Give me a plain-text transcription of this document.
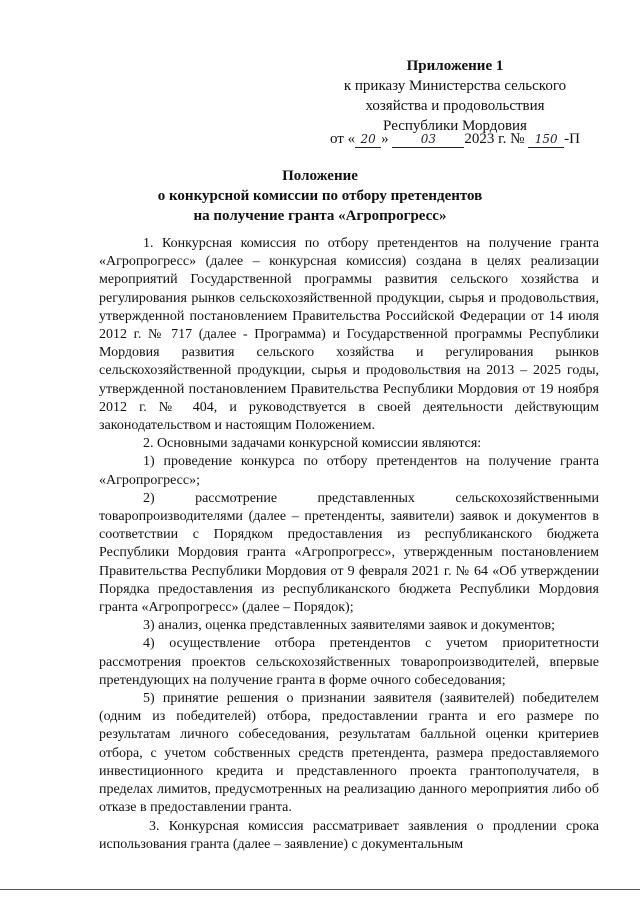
Приложение 1
к приказу Министерства сельского
хозяйства и продовольствия
Республики Мордовия
от « 20 »	03 2023 г. № 150 -П
Положение
о конкурсной комиссии по отбору претендентов
на получение гранта «Агропрогресс»

1. Конкурсная комиссия по отбору претендентов на получение гранта «Агропрогресс» (далее – конкурсная комиссия) создана в целях реализации мероприятий Государственной программы развития сельского хозяйства и регулирования рынков сельскохозяйственной продукции, сырья и продовольствия, утвержденной постановлением Правительства Российской Федерации от 14 июля 2012 г. № 717 (далее - Программа) и Государственной программы Республики Мордовия развития сельского хозяйства и регулирования рынков сельскохозяйственной продукции, сырья и продовольствия на 2013 – 2025 годы, утвержденной постановлением Правительства Республики Мордовия от 19 ноября 2012 г. № 404, и руководствуется в своей деятельности действующим законодательством и настоящим Положением.

2. Основными задачами конкурсной комиссии являются:

1) проведение конкурса по отбору претендентов на получение гранта «Агропрогресс»;

2) рассмотрение представленных сельскохозяйственными товаропроизводителями (далее – претенденты, заявители) заявок и документов в соответствии с Порядком предоставления из республиканского бюджета Республики Мордовия гранта «Агропрогресс», утвержденным постановлением Правительства Республики Мордовия от 9 февраля 2021 г. № 64 «Об утверждении Порядка предоставления из республиканского бюджета Республики Мордовия гранта «Агропрогресс» (далее – Порядок);

3) анализ, оценка представленных заявителями заявок и документов;

4) осуществление отбора претендентов с учетом приоритетности рассмотрения проектов сельскохозяйственных товаропроизводителей, впервые претендующих на получение гранта в форме очного собеседования;

5) принятие решения о признании заявителя (заявителей) победителем (одним из победителей) отбора, предоставлении гранта и его размере по результатам личного собеседования, результатам балльной оценки критериев отбора, с учетом собственных средств претендента, размера предоставляемого инвестиционного кредита и представленного проекта грантополучателя, в пределах лимитов, предусмотренных на реализацию данного мероприятия либо об отказе в предоставлении гранта.

3. Конкурсная комиссия рассматривает заявления о продлении срока использования гранта (далее – заявление) с документальным
